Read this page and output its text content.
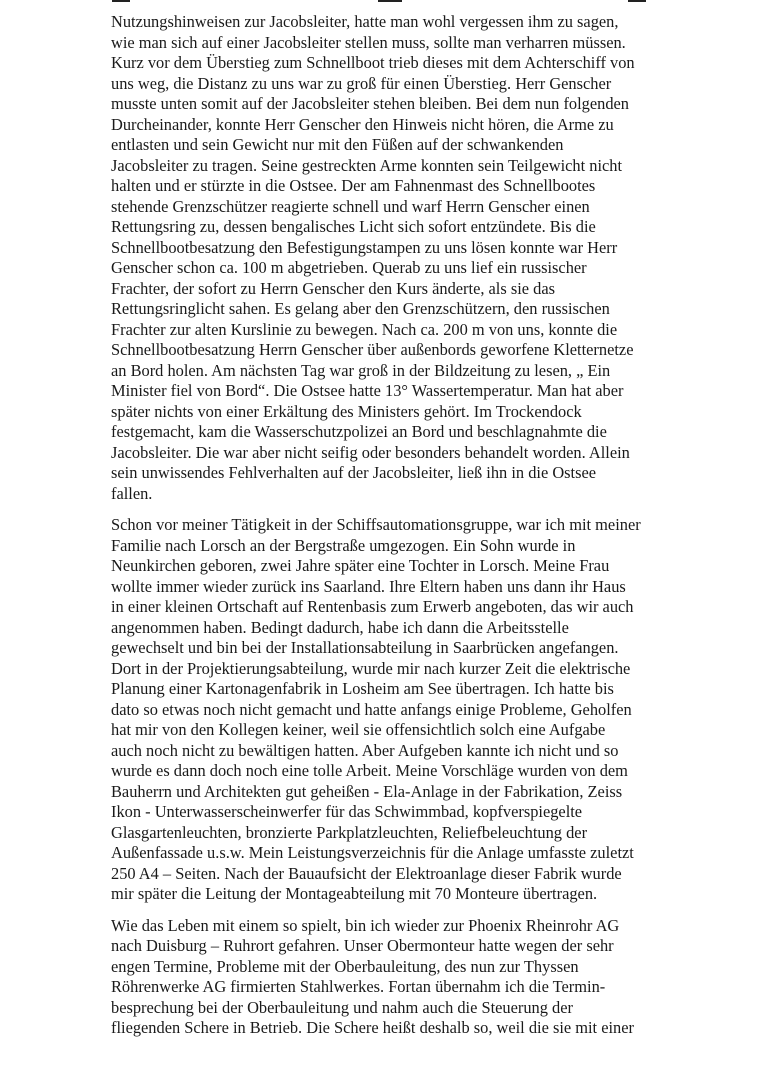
Nutzungshinweisen zur Jacobsleiter, hatte man wohl vergessen ihm zu sagen,
wie man sich auf einer Jacobsleiter stellen muss, sollte man verharren müssen.
Kurz vor dem Überstieg zum Schnellboot trieb dieses mit dem Achterschiff von
uns weg, die Distanz zu uns war zu groß für einen Überstieg. Herr Genscher
musste unten somit auf der Jacobsleiter stehen bleiben. Bei dem nun folgenden
Durcheinander, konnte Herr Genscher den Hinweis nicht hören, die Arme zu
entlasten und sein Gewicht nur mit den Füßen auf der schwankenden
Jacobsleiter zu tragen. Seine gestreckten Arme konnten sein Teilgewicht nicht
halten und er stürzte in die Ostsee. Der am Fahnenmast des Schnellbootes
stehende Grenzschützer reagierte schnell und warf Herrn Genscher einen
Rettungsring zu, dessen bengalisches Licht sich sofort entzündete. Bis die
Schnellbootbesatzung den Befestigungstampen zu uns lösen konnte war Herr
Genscher schon ca. 100 m abgetrieben. Querab zu uns lief ein russischer
Frachter, der sofort zu Herrn Genscher den Kurs änderte, als sie das
Rettungsringlicht sahen. Es gelang aber den Grenzschützern, den russischen
Frachter zur alten Kurslinie zu bewegen. Nach ca. 200 m von uns, konnte die
Schnellbootbesatzung Herrn Genscher über außenbords geworfene Kletternetze
an Bord holen. Am nächsten Tag war groß in der Bildzeitung zu lesen, „ Ein
Minister fiel von Bord“. Die Ostsee hatte 13° Wassertemperatur. Man hat aber
später nichts von einer Erkältung des Ministers gehört. Im Trockendock
festgemacht, kam die Wasserschutzpolizei an Bord und beschlagnahmte die
Jacobsleiter. Die war aber nicht seifig oder besonders behandelt worden. Allein
sein unwissendes Fehlverhalten auf der Jacobsleiter, ließ ihn in die Ostsee
fallen.

Schon vor meiner Tätigkeit in der Schiffsautomationsgruppe, war ich mit meiner
Familie nach Lorsch an der Bergstraße umgezogen. Ein Sohn wurde in
Neunkirchen geboren, zwei Jahre später eine Tochter in Lorsch. Meine Frau
wollte immer wieder zurück ins Saarland. Ihre Eltern haben uns dann ihr Haus
in einer kleinen Ortschaft auf Rentenbasis zum Erwerb angeboten, das wir auch
angenommen haben. Bedingt dadurch, habe ich dann die Arbeitsstelle
gewechselt und bin bei der Installationsabteilung in Saarbrücken angefangen.
Dort in der Projektierungsabteilung, wurde mir nach kurzer Zeit die elektrische
Planung einer Kartonagenfabrik in Losheim am See übertragen. Ich hatte bis
dato so etwas noch nicht gemacht und hatte anfangs einige Probleme, Geholfen
hat mir von den Kollegen keiner, weil sie offensichtlich solch eine Aufgabe
auch noch nicht zu bewältigen hatten. Aber Aufgeben kannte ich nicht und so
wurde es dann doch noch eine tolle Arbeit. Meine Vorschläge wurden von dem
Bauherrn und Architekten gut geheißen - Ela-Anlage in der Fabrikation, Zeiss
Ikon - Unterwasserscheinwerfer für das Schwimmbad, kopfverspiegelte
Glasgartenleuchten, bronzierte Parkplatzleuchten, Reliefbeleuchtung der
Außenfassade u.s.w. Mein Leistungsverzeichnis für die Anlage umfasste zuletzt
250 A4 – Seiten. Nach der Bauaufsicht der Elektroanlage dieser Fabrik wurde
mir später die Leitung der Montageabteilung mit 70 Monteure übertragen.

Wie das Leben mit einem so spielt, bin ich wieder zur Phoenix Rheinrohr AG
nach Duisburg – Ruhrort gefahren. Unser Obermonteur hatte wegen der sehr
engen Termine, Probleme mit der Oberbauleitung, des nun zur Thyssen
Röhrenwerke AG firmierten Stahlwerkes. Fortan übernahm ich die Termin-
besprechung bei der Oberbauleitung und nahm auch die Steuerung der
fliegenden Schere in Betrieb. Die Schere heißt deshalb so, weil die sie mit einer
